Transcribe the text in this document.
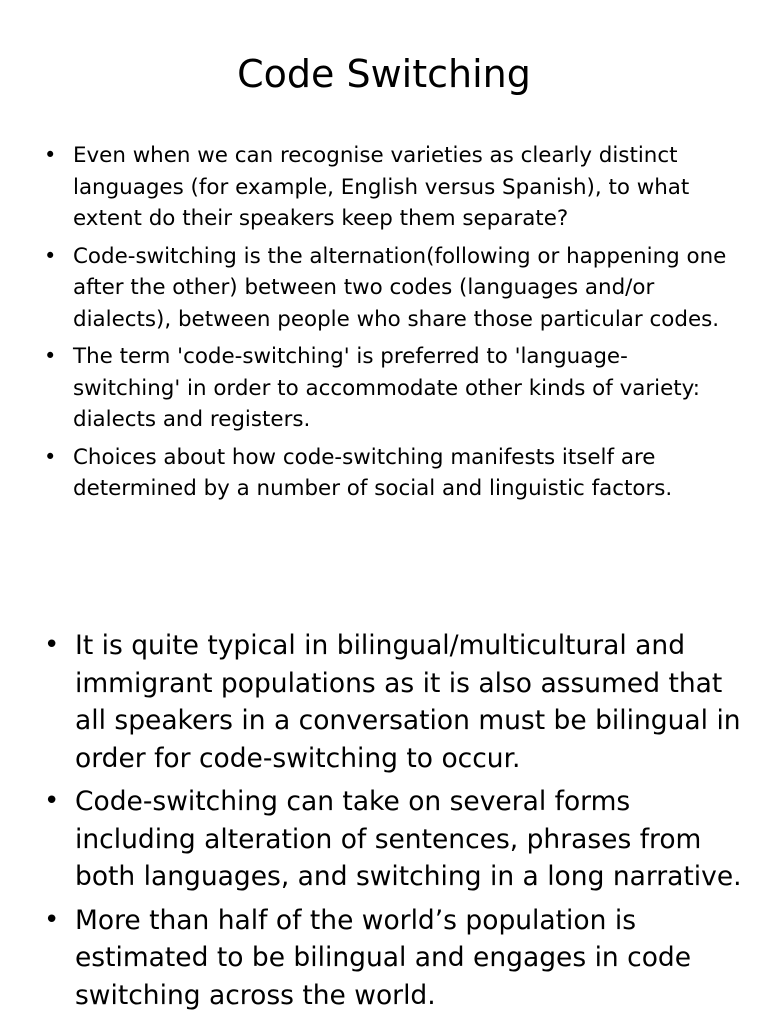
Code Switching
• Even when we can recognise varieties as clearly distinct languages (for example, English versus Spanish), to what extent do their speakers keep them separate?
• Code-switching is the alternation(following or happening one after the other) between two codes (languages and/or dialects), between people who share those particular codes.
• The term 'code-switching' is preferred to 'language-switching' in order to accommodate other kinds of variety: dialects and registers.
• Choices about how code-switching manifests itself are determined by a number of social and linguistic factors.
• It is quite typical in bilingual/multicultural and immigrant populations as it is also assumed that all speakers in a conversation must be bilingual in order for code-switching to occur.
• Code-switching can take on several forms including alteration of sentences, phrases from both languages, and switching in a long narrative.
• More than half of the world’s population is estimated to be bilingual and engages in code switching across the world.
